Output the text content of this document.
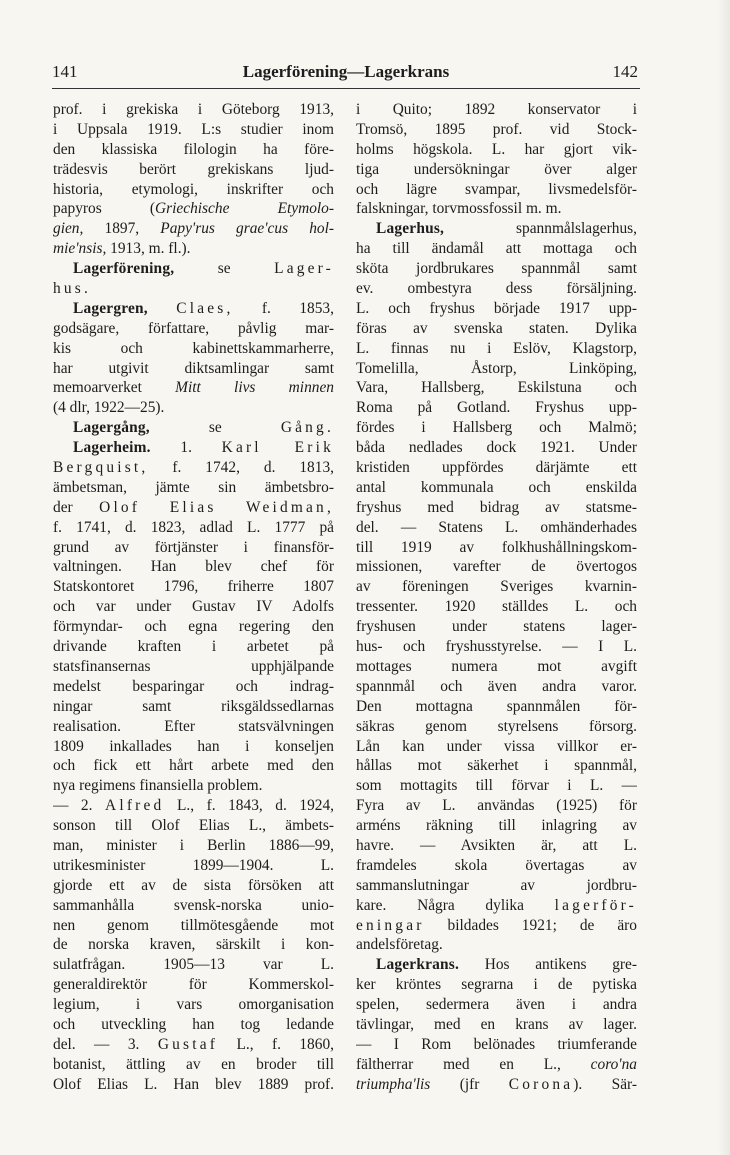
141	Lagerförening—Lagerkrans	142
prof. i grekiska i Göteborg 1913,
i Uppsala 1919. L:s studier inom
den klassiska filologin ha före-
trädesvis berört grekiskans ljud-
historia, etymologi, inskrifter och
papyros (Griechische Etymolo-
gien, 1897, Papy'rus grae'cus hol-
mie'nsis, 1913, m. fl.).
Lagerförening, se Lager-
hus.
Lagergren, Claes, f. 1853,
godsägare, författare, påvlig mar-
kis och kabinettskammarherre,
har utgivit diktsamlingar samt
memoarverket Mitt livs minnen
(4 dlr, 1922—25).
Lagergång, se Gång.
Lagerheim. 1. Karl Erik
Bergquist, f. 1742, d. 1813,
ämbetsman, jämte sin ämbetsbro-
der Olof Elias Weidman,
f. 1741, d. 1823, adlad L. 1777 på
grund av förtjänster i finansför-
valtningen. Han blev chef för
Statskontoret 1796, friherre 1807
och var under Gustav IV Adolfs
förmyndar- och egna regering den
drivande kraften i arbetet på
statsfinansernas upphjälpande
medelst besparingar och indrag-
ningar samt riksgäldssedlarnas
realisation. Efter statsvälvningen
1809 inkallades han i konseljen
och fick ett hårt arbete med den
nya regimens finansiella problem.
— 2. Alfred L., f. 1843, d. 1924,
sonson till Olof Elias L., ämbets-
man, minister i Berlin 1886—99,
utrikesminister 1899—1904. L.
gjorde ett av de sista försöken att
sammanhålla svensk-norska unio-
nen genom tillmötesgående mot
de norska kraven, särskilt i kon-
sulatfrågan. 1905—13 var L.
generaldirektör för Kommerskol-
legium, i vars omorganisation
och utveckling han tog ledande
del. — 3. Gustaf L., f. 1860,
botanist, ättling av en broder till
Olof Elias L. Han blev 1889 prof.
i Quito; 1892 konservator i
Tromsö, 1895 prof. vid Stock-
holms högskola. L. har gjort vik-
tiga undersökningar över alger
och lägre svampar, livsmedelsför-
falskningar, torvmossfossil m. m.
Lagerhus, spannmålslagerhus,
ha till ändamål att mottaga och
sköta jordbrukares spannmål samt
ev. ombestyra dess försäljning.
L. och fryshus började 1917 upp-
föras av svenska staten. Dylika
L. finnas nu i Eslöv, Klagstorp,
Tomelilla, Åstorp, Linköping,
Vara, Hallsberg, Eskilstuna och
Roma på Gotland. Fryshus upp-
fördes i Hallsberg och Malmö;
båda nedlades dock 1921. Under
kristiden uppfördes därjämte ett
antal kommunala och enskilda
fryshus med bidrag av statsme-
del. — Statens L. omhänderhades
till 1919 av folkhushållningskom-
missionen, varefter de övertogos
av föreningen Sveriges kvarnin-
tressenter. 1920 ställdes L. och
fryshusen under statens lager-
hus- och fryshusstyrelse. — I L.
mottages numera mot avgift
spannmål och även andra varor.
Den mottagna spannmålen för-
säkras genom styrelsens försorg.
Lån kan under vissa villkor er-
hållas mot säkerhet i spannmål,
som mottagits till förvar i L. —
Fyra av L. användas (1925) för
arméns räkning till inlagring av
havre. — Avsikten är, att L.
framdeles skola övertagas av
sammanslutningar av jordbru-
kare. Några dylika lagerför-
eningar bildades 1921; de äro
andelsföretag.
Lagerkrans. Hos antikens gre-
ker kröntes segrarna i de pytiska
spelen, sedermera även i andra
tävlingar, med en krans av lager.
— I Rom belönades triumferande
fältherrar med en L., coro'na
triumpha'lis (jfr Corona). Sär-
